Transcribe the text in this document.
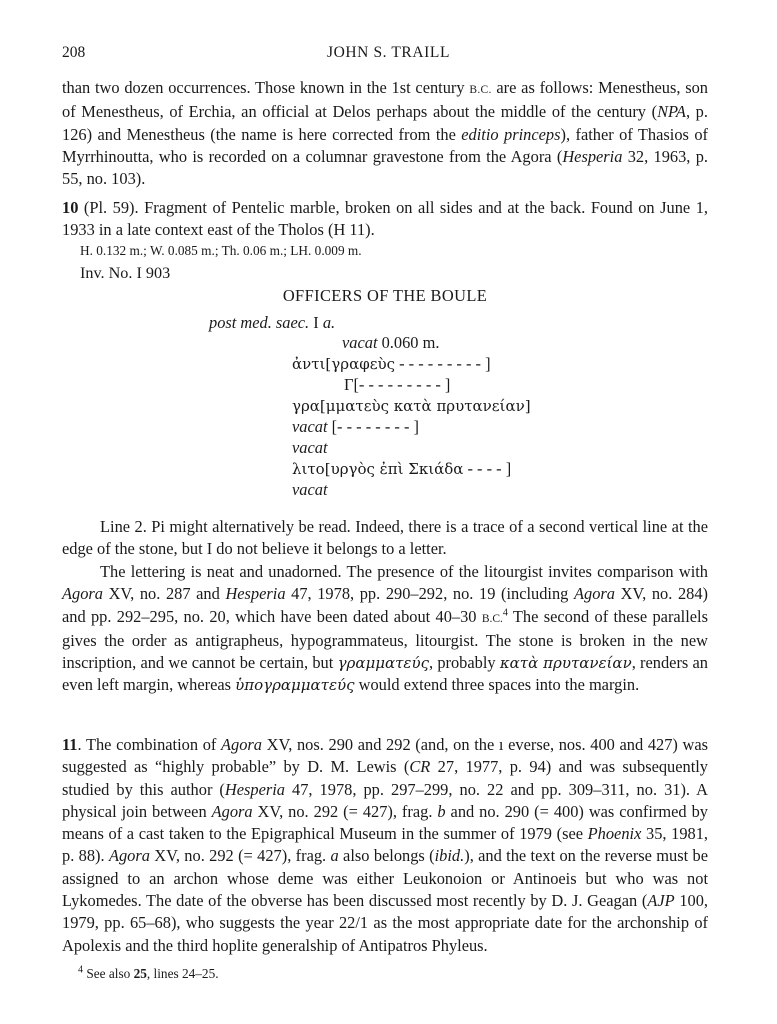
208	JOHN S. TRAILL
than two dozen occurrences. Those known in the 1st century B.C. are as follows: Menestheus, son of Menestheus, of Erchia, an official at Delos perhaps about the middle of the century (NPA, p. 126) and Menestheus (the name is here corrected from the editio princeps), father of Thasios of Myrrhinoutta, who is recorded on a columnar gravestone from the Agora (Hesperia 32, 1963, p. 55, no. 103).
10 (Pl. 59). Fragment of Pentelic marble, broken on all sides and at the back. Found on June 1, 1933 in a late context east of the Tholos (H 11).
H. 0.132 m.; W. 0.085 m.; Th. 0.06 m.; LH. 0.009 m.
Inv. No. I 903
OFFICERS OF THE BOULE
post med. saec. I a.
vacat 0.060 m.
ἀντι[γραφεὺς - - - - - - - - - ]
Γ[- - - - - - - - - ]
γρα[μματεὺς κατὰ πρυτανείαν]
vacat [- - - - - - - - ]
vacat
λιτο[υργὸς ἐπὶ Σκιάδα - - - - ]
vacat
Line 2. Pi might alternatively be read. Indeed, there is a trace of a second vertical line at the edge of the stone, but I do not believe it belongs to a letter.
The lettering is neat and unadorned. The presence of the litourgist invites comparison with Agora XV, no. 287 and Hesperia 47, 1978, pp. 290–292, no. 19 (including Agora XV, no. 284) and pp. 292–295, no. 20, which have been dated about 40–30 B.C.$^4$ The second of these parallels gives the order as antigrapheus, hypogrammateus, litourgist. The stone is broken in the new inscription, and we cannot be certain, but γραμματεύς, probably κατὰ πρυτανείαν, renders an even left margin, whereas ὑπογραμματεύς would extend three spaces into the margin.
11. The combination of Agora XV, nos. 290 and 292 (and, on the ı everse, nos. 400 and 427) was suggested as “highly probable” by D. M. Lewis (CR 27, 1977, p. 94) and was subsequently studied by this author (Hesperia 47, 1978, pp. 297–299, no. 22 and pp. 309–311, no. 31). A physical join between Agora XV, no. 292 (= 427), frag. b and no. 290 (= 400) was confirmed by means of a cast taken to the Epigraphical Museum in the summer of 1979 (see Phoenix 35, 1981, p. 88). Agora XV, no. 292 (= 427), frag. a also belongs (ibid.), and the text on the reverse must be assigned to an archon whose deme was either Leukonoion or Antinoeis but who was not Lykomedes. The date of the obverse has been discussed most recently by D. J. Geagan (AJP 100, 1979, pp. 65–68), who suggests the year 22/1 as the most appropriate date for the archonship of Apolexis and the third hoplite generalship of Antipatros Phyleus.
$^4$ See also 25, lines 24–25.
